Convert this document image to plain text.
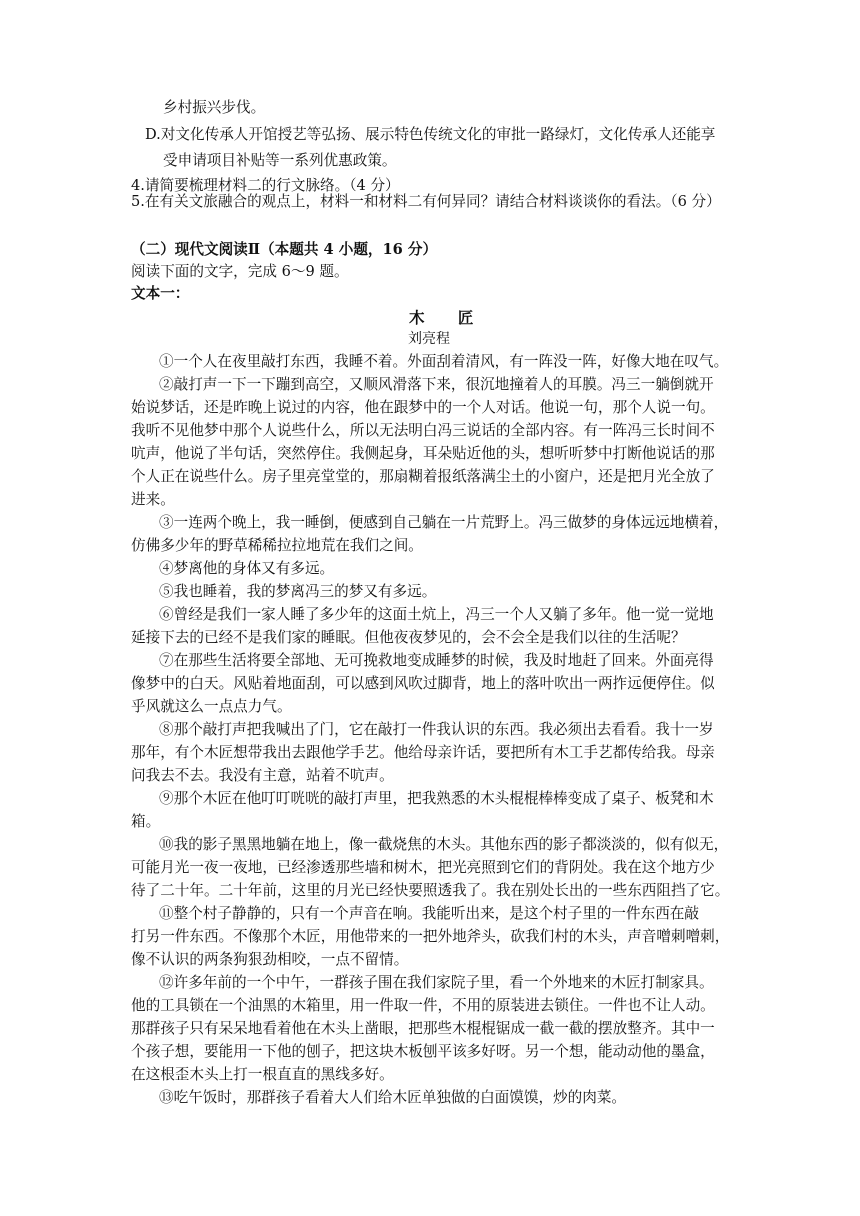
乡村振兴步伐。
D.对文化传承人开馆授艺等弘扬、展示特色传统文化的审批一路绿灯，文化传承人还能享
受申请项目补贴等一系列优惠政策。
4.请简要梳理材料二的行文脉络。（4 分）
5.在有关文旅融合的观点上，材料一和材料二有何异同？请结合材料谈谈你的看法。（6 分）
（二）现代文阅读Ⅱ（本题共 4 小题，16 分）
阅读下面的文字，完成 6～9 题。
文本一：
木 匠
刘亮程
①一个人在夜里敲打东西，我睡不着。外面刮着清风，有一阵没一阵，好像大地在叹气。
②敲打声一下一下蹦到高空，又顺风滑落下来，很沉地撞着人的耳膜。冯三一躺倒就开
始说梦话，还是昨晚上说过的内容，他在跟梦中的一个人对话。他说一句，那个人说一句。
我听不见他梦中那个人说些什么，所以无法明白冯三说话的全部内容。有一阵冯三长时间不
吭声，他说了半句话，突然停住。我侧起身，耳朵贴近他的头，想听听梦中打断他说话的那
个人正在说些什么。房子里亮堂堂的，那扇糊着报纸落满尘土的小窗户，还是把月光全放了
进来。
③一连两个晚上，我一睡倒，便感到自己躺在一片荒野上。冯三做梦的身体远远地横着，
仿佛多少年的野草稀稀拉拉地荒在我们之间。
④梦离他的身体又有多远。
⑤我也睡着，我的梦离冯三的梦又有多远。
⑥曾经是我们一家人睡了多少年的这面土炕上，冯三一个人又躺了多年。他一觉一觉地
延接下去的已经不是我们家的睡眠。但他夜夜梦见的，会不会全是我们以往的生活呢？
⑦在那些生活将要全部地、无可挽救地变成睡梦的时候，我及时地赶了回来。外面亮得
像梦中的白天。风贴着地面刮，可以感到风吹过脚背，地上的落叶吹出一两拃远便停住。似
乎风就这么一点点力气。
⑧那个敲打声把我喊出了门，它在敲打一件我认识的东西。我必须出去看看。我十一岁
那年，有个木匠想带我出去跟他学手艺。他给母亲许话，要把所有木工手艺都传给我。母亲
问我去不去。我没有主意，站着不吭声。
⑨那个木匠在他叮叮咣咣的敲打声里，把我熟悉的木头棍棍棒棒变成了桌子、板凳和木
箱。
⑩我的影子黑黑地躺在地上，像一截烧焦的木头。其他东西的影子都淡淡的，似有似无，
可能月光一夜一夜地，已经渗透那些墙和树木，把光亮照到它们的背阴处。我在这个地方少
待了二十年。二十年前，这里的月光已经快要照透我了。我在别处长出的一些东西阻挡了它。
⑪整个村子静静的，只有一个声音在响。我能听出来，是这个村子里的一件东西在敲
打另一件东西。不像那个木匠，用他带来的一把外地斧头，砍我们村的木头，声音噌刺噌刺，
像不认识的两条狗狠劲相咬，一点不留情。
⑫许多年前的一个中午，一群孩子围在我们家院子里，看一个外地来的木匠打制家具。
他的工具锁在一个油黑的木箱里，用一件取一件，不用的原装进去锁住。一件也不让人动。
那群孩子只有呆呆地看着他在木头上凿眼，把那些木棍棍锯成一截一截的摆放整齐。其中一
个孩子想，要能用一下他的刨子，把这块木板刨平该多好呀。另一个想，能动动他的墨盒，
在这根歪木头上打一根直直的黑线多好。
⑬吃午饭时，那群孩子看着大人们给木匠单独做的白面馍馍，炒的肉菜。
